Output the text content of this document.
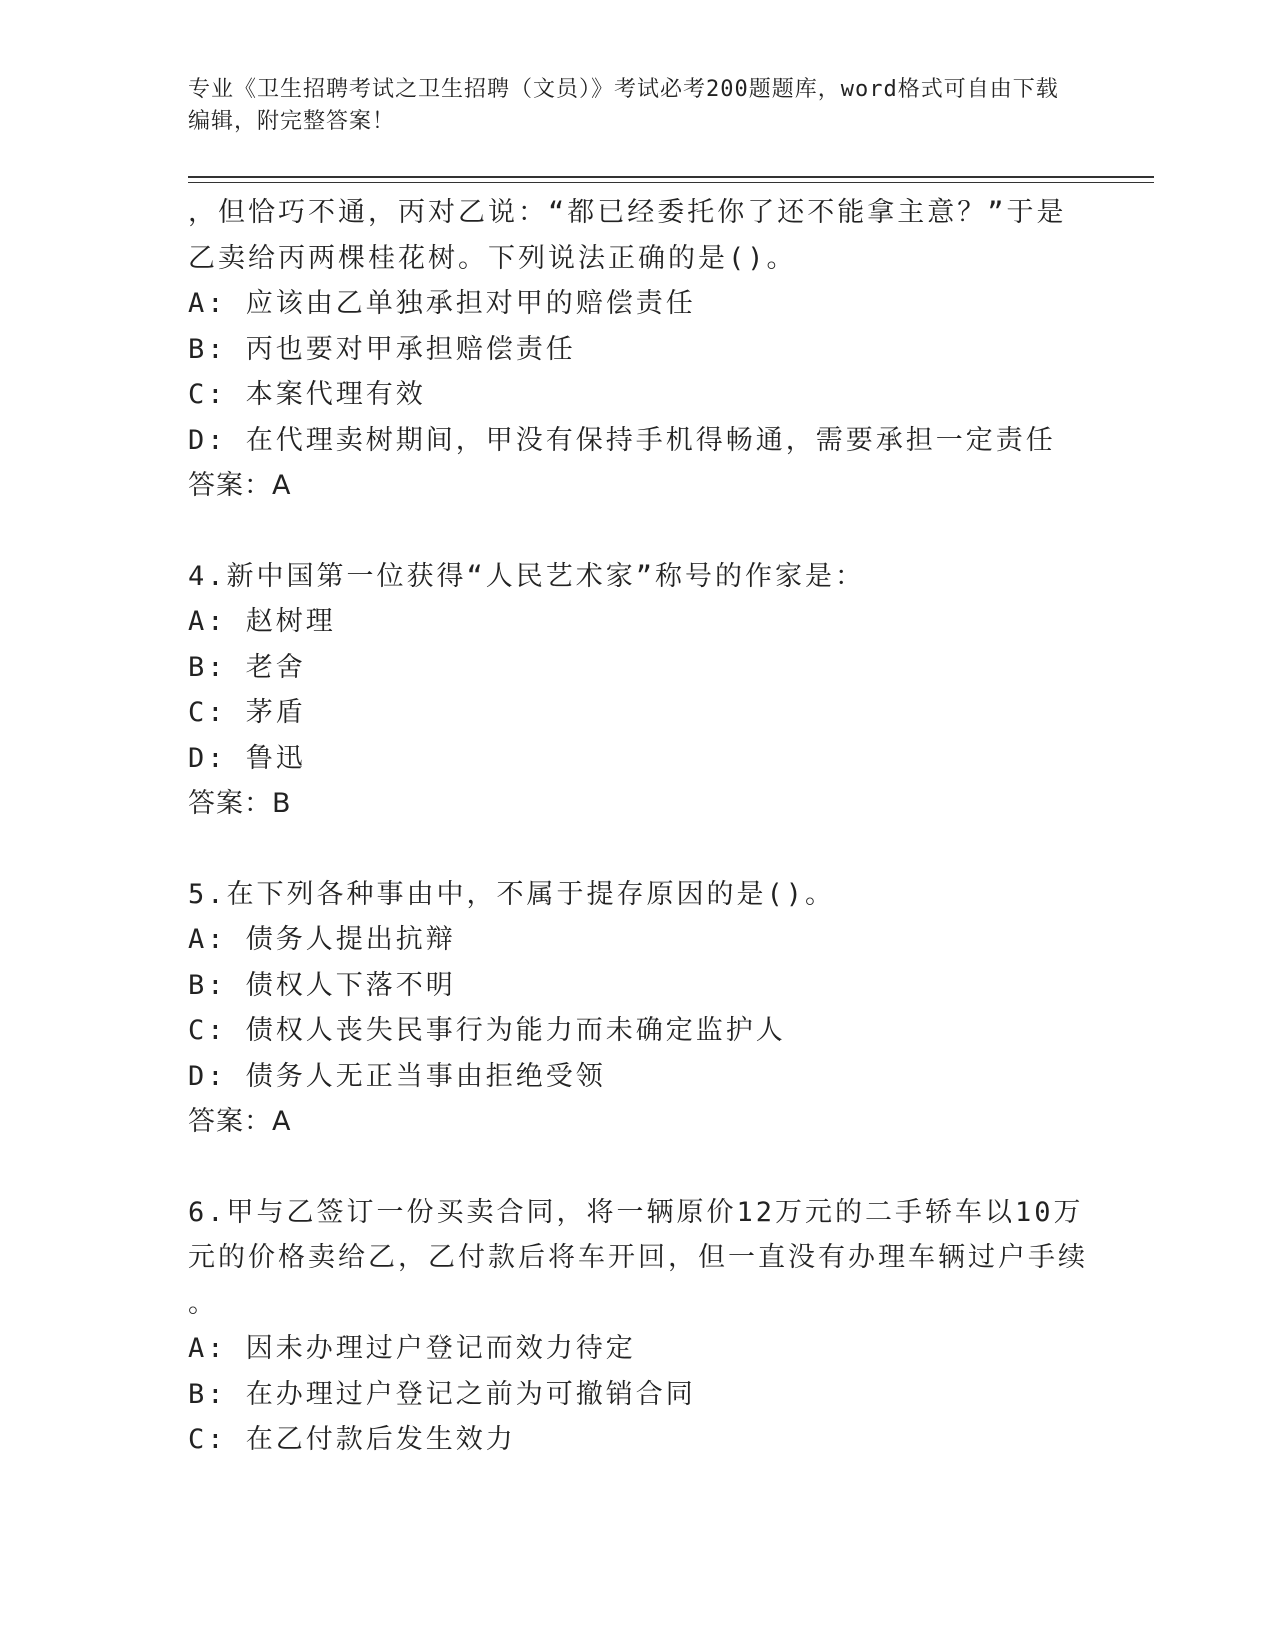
专业《卫生招聘考试之卫生招聘（文员）》考试必考200题题库，word格式可自由下载编辑，附完整答案！
，但恰巧不通，丙对乙说：“都已经委托你了还不能拿主意？”于是
乙卖给丙两棵桂花树。下列说法正确的是()。
A: 应该由乙单独承担对甲的赔偿责任
B: 丙也要对甲承担赔偿责任
C: 本案代理有效
D: 在代理卖树期间，甲没有保持手机得畅通，需要承担一定责任
答案：A
4.新中国第一位获得“人民艺术家”称号的作家是：
A: 赵树理
B: 老舍
C: 茅盾
D: 鲁迅
答案：B
5.在下列各种事由中，不属于提存原因的是()。
A: 债务人提出抗辩
B: 债权人下落不明
C: 债权人丧失民事行为能力而未确定监护人
D: 债务人无正当事由拒绝受领
答案：A
6.甲与乙签订一份买卖合同，将一辆原价12万元的二手轿车以10万
元的价格卖给乙，乙付款后将车开回，但一直没有办理车辆过户手续
。
A: 因未办理过户登记而效力待定
B: 在办理过户登记之前为可撤销合同
C: 在乙付款后发生效力
